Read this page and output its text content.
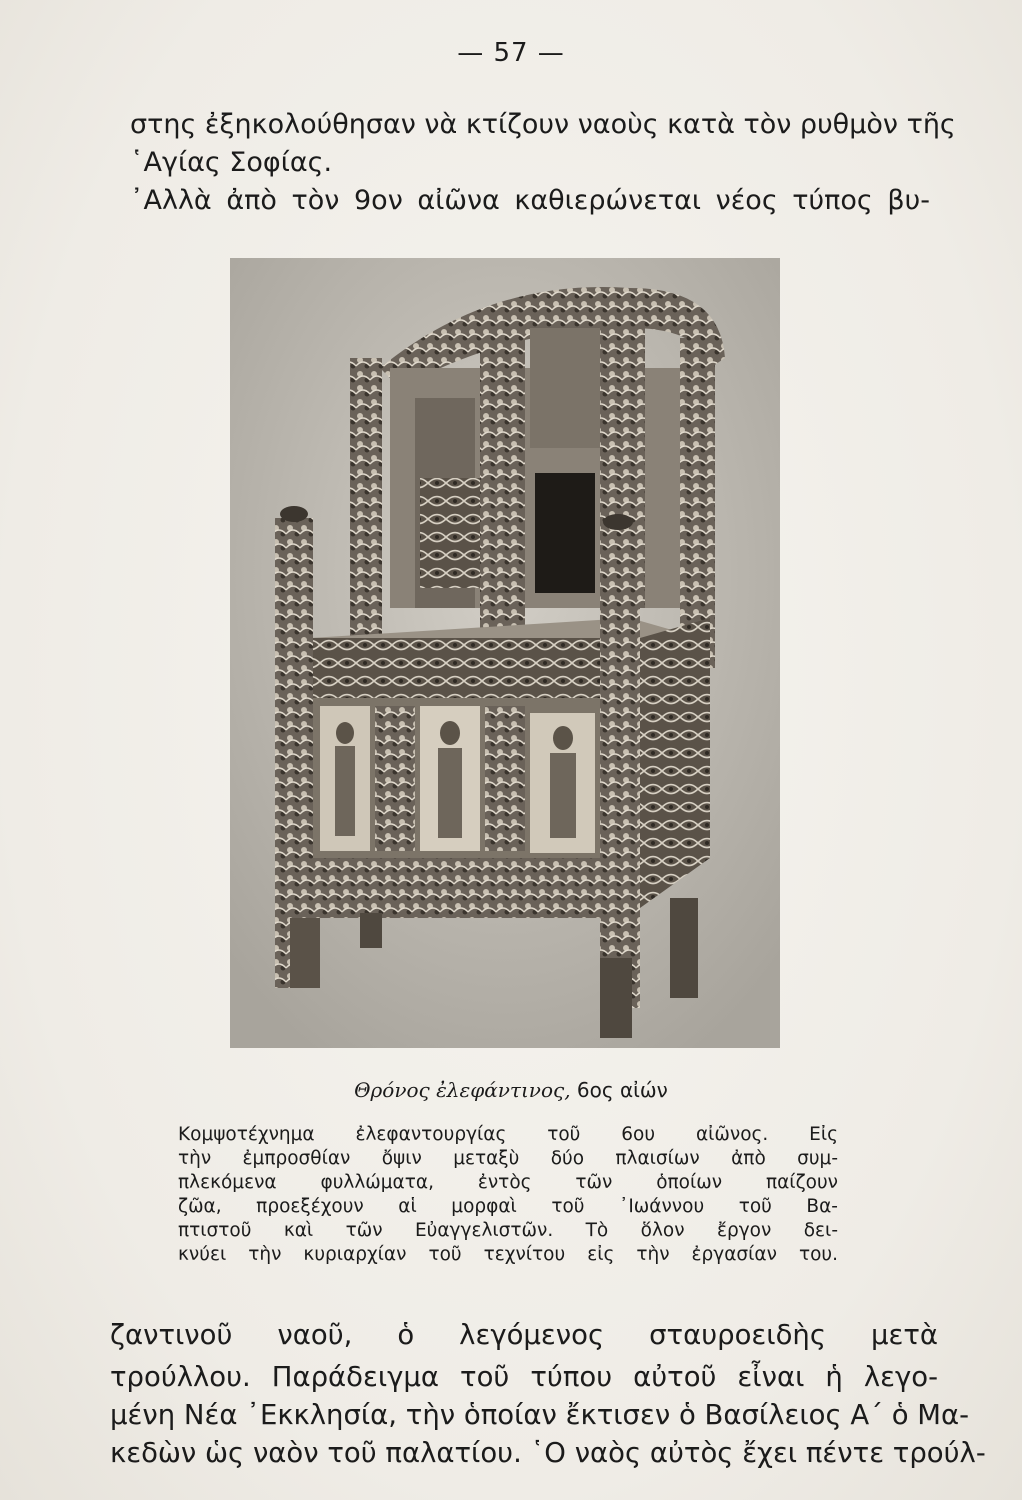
— 57 —
στης ἐξηκολούθησαν νὰ κτίζουν ναοὺς κατὰ τὸν ρυθμὸν τῆς
῾Αγίας Σοφίας.
᾿Αλλὰ ἀπὸ τὸν 9ον αἰῶνα καθιερώνεται νέος τύπος βυ-
Θρόνος ἐλεφάντινος, 6ος αἰών
Κομψοτέχνημα ἐλεφαντουργίας τοῦ 6ου αἰῶνος. Εἰς
τὴν ἐμπροσθίαν ὄψιν μεταξὺ δύο πλαισίων ἀπὸ συμ-
πλεκόμενα φυλλώματα, ἐντὸς τῶν ὁποίων παίζουν
ζῶα, προεξέχουν αἱ μορφαὶ τοῦ ᾿Ιωάννου τοῦ Βα-
πτιστοῦ καὶ τῶν Εὐαγγελιστῶν. Τὸ ὅλον ἔργον δει-
κνύει τὴν κυριαρχίαν τοῦ τεχνίτου εἰς τὴν ἐργασίαν του.
ζαντινοῦ ναοῦ, ὁ λεγόμενος σταυροειδὴς μετὰ
τρούλλου. Παράδειγμα τοῦ τύπου αὐτοῦ εἶναι ἡ λεγο-
μένη Νέα ᾿Εκκλησία, τὴν ὁποίαν ἔκτισεν ὁ Βασίλειος Α΄ ὁ Μα-
κεδὼν ὡς ναὸν τοῦ παλατίου. ῾Ο ναὸς αὐτὸς ἔχει πέντε τρούλ-
